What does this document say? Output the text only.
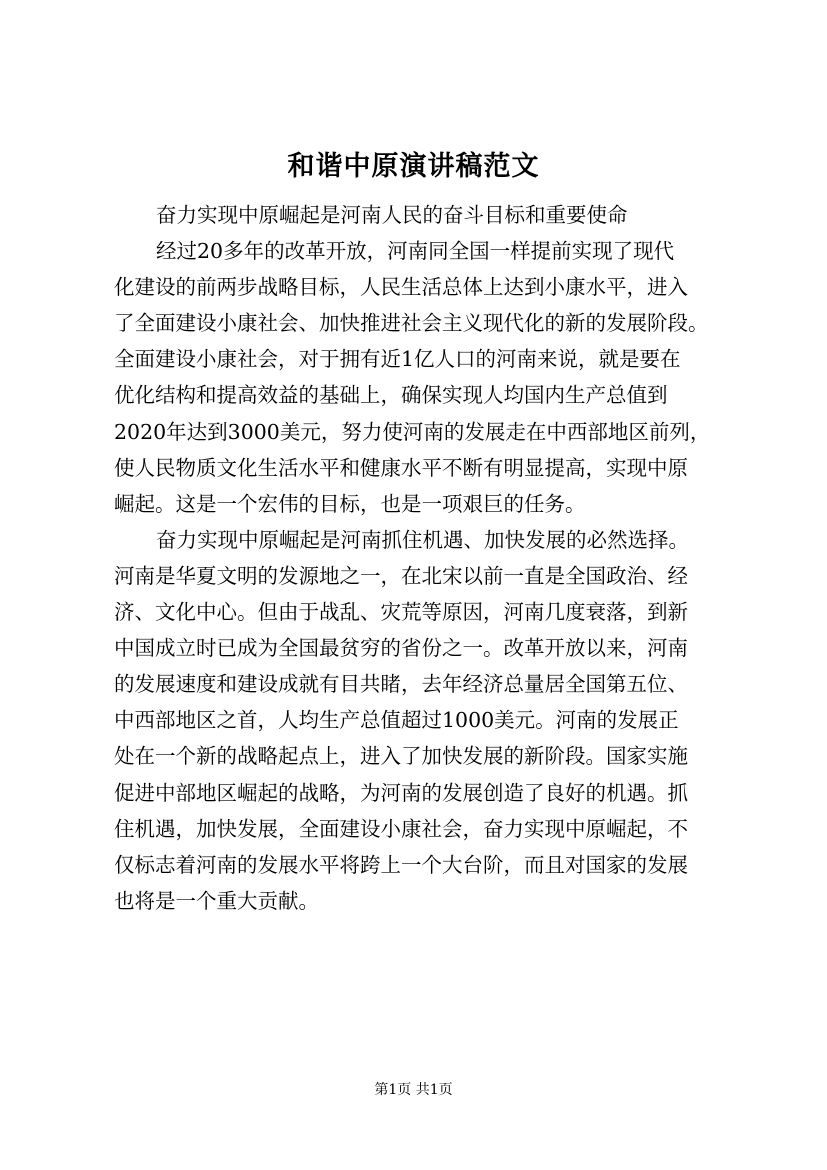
和谐中原演讲稿范文
奋力实现中原崛起是河南人民的奋斗目标和重要使命
经过20多年的改革开放，河南同全国一样提前实现了现代
化建设的前两步战略目标，人民生活总体上达到小康水平，进入
了全面建设小康社会、加快推进社会主义现代化的新的发展阶段。
全面建设小康社会，对于拥有近1亿人口的河南来说，就是要在
优化结构和提高效益的基础上，确保实现人均国内生产总值到
2020年达到3000美元，努力使河南的发展走在中西部地区前列，
使人民物质文化生活水平和健康水平不断有明显提高，实现中原
崛起。这是一个宏伟的目标，也是一项艰巨的任务。
奋力实现中原崛起是河南抓住机遇、加快发展的必然选择。
河南是华夏文明的发源地之一，在北宋以前一直是全国政治、经
济、文化中心。但由于战乱、灾荒等原因，河南几度衰落，到新
中国成立时已成为全国最贫穷的省份之一。改革开放以来，河南
的发展速度和建设成就有目共睹，去年经济总量居全国第五位、
中西部地区之首，人均生产总值超过1000美元。河南的发展正
处在一个新的战略起点上，进入了加快发展的新阶段。国家实施
促进中部地区崛起的战略，为河南的发展创造了良好的机遇。抓
住机遇，加快发展，全面建设小康社会，奋力实现中原崛起，不
仅标志着河南的发展水平将跨上一个大台阶，而且对国家的发展
也将是一个重大贡献。
第1页 共1页
